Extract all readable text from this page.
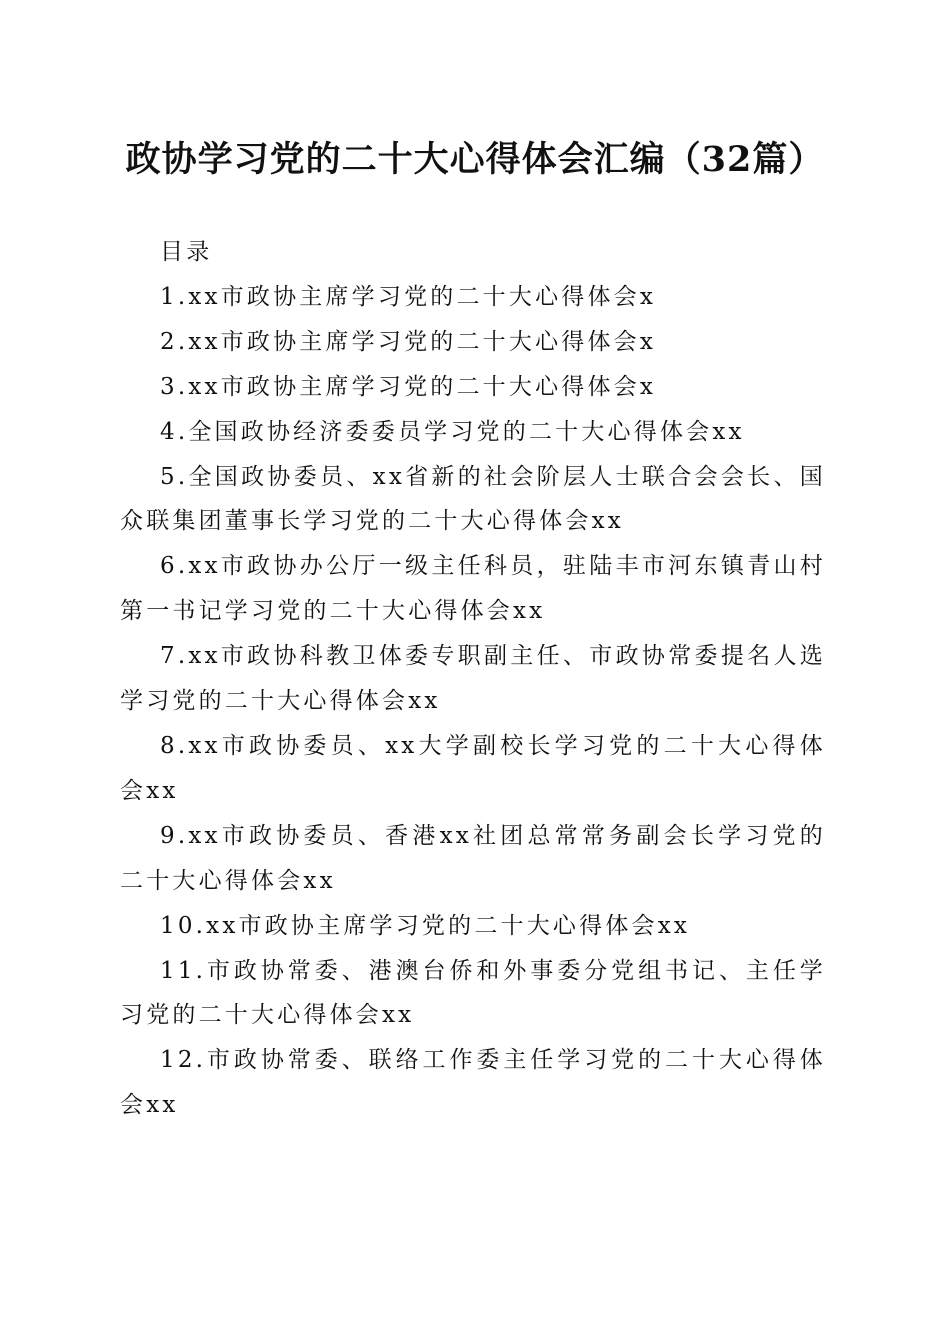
政协学习党的二十大心得体会汇编（32篇）

目录

1.xx市政协主席学习党的二十大心得体会x

2.xx市政协主席学习党的二十大心得体会x

3.xx市政协主席学习党的二十大心得体会x

4.全国政协经济委委员学习党的二十大心得体会xx

5.全国政协委员、xx省新的社会阶层人士联合会会长、国众联集团董事长学习党的二十大心得体会xx

6.xx市政协办公厅一级主任科员，驻陆丰市河东镇青山村第一书记学习党的二十大心得体会xx

7.xx市政协科教卫体委专职副主任、市政协常委提名人选学习党的二十大心得体会xx

8.xx市政协委员、xx大学副校长学习党的二十大心得体会xx

9.xx市政协委员、香港xx社团总常常务副会长学习党的二十大心得体会xx

10.xx市政协主席学习党的二十大心得体会xx

11.市政协常委、港澳台侨和外事委分党组书记、主任学习党的二十大心得体会xx

12.市政协常委、联络工作委主任学习党的二十大心得体会xx
